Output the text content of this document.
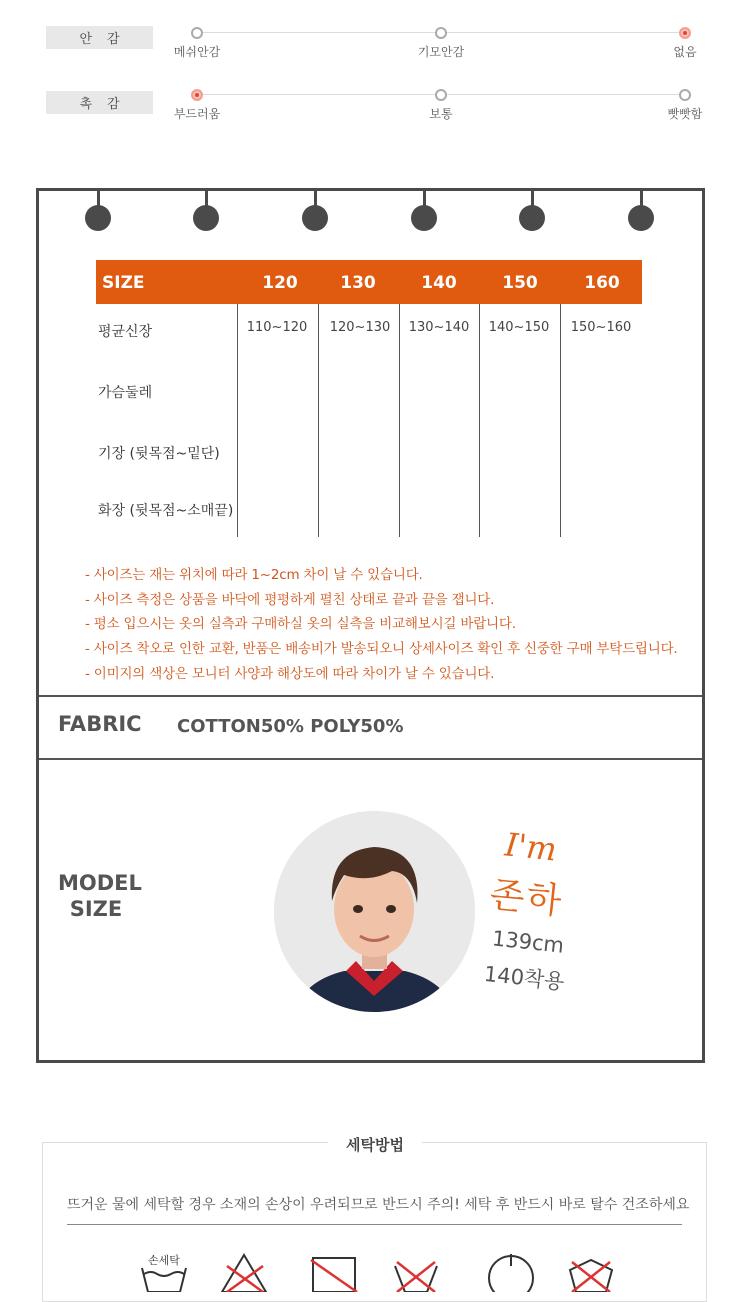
안 감
메쉬안감	기모안감	없음
촉 감
부드러움	보통	빳빳함
SIZE	120	130	140	150	160
평균신장	110~120 120~130 130~140 140~150 150~160
가슴둘레
기장 (뒷목점~밑단)
화장 (뒷목점~소매끝)
- 사이즈는 재는 위치에 따라 1~2cm 차이 날 수 있습니다.
- 사이즈 측정은 상품을 바닥에 평평하게 펼친 상태로 끝과 끝을 잽니다.
- 평소 입으시는 옷의 실측과 구매하실 옷의 실측을 비교해보시길 바랍니다.
- 사이즈 착오로 인한 교환, 반품은 배송비가 발송되오니 상세사이즈 확인 후 신중한 구매 부탁드립니다.
- 이미지의 색상은 모니터 사양과 해상도에 따라 차이가 날 수 있습니다.
FABRIC COTTON50% POLY50%
MODEL SIZE
I'm
존하
139cm
140착용
세탁방법
뜨거운 물에 세탁할 경우 소재의 손상이 우려되므로 반드시 주의! 세탁 후 반드시 바로 탈수 건조하세요
손세탁
